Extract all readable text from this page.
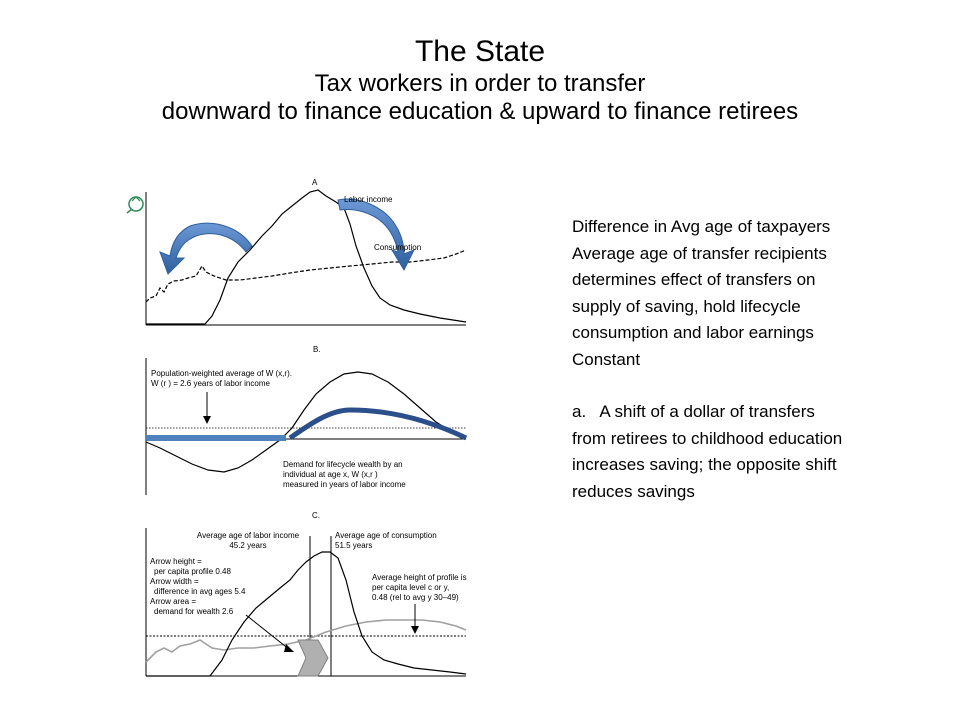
The State
Tax workers in order to transfer
downward to finance education & upward to finance retirees
A
Labor income
Consumption
B.
Population-weighted average of W (x,r).
W (r ) = 2.6 years of labor income
Demand for lifecycle wealth by an
individual at age x, W (x,r )
measured in years of labor income
C.
Average age of labor income
45.2 years
Average age of consumption
51.5 years
Arrow height =
per capita profile 0.48
Arrow width =
difference in avg ages 5.4
Arrow area =
demand for wealth 2.6
Average height of profile is
per capita level c or y,
0.48 (rel to avg y 30–49)

Difference in Avg age of taxpayers

Average age of transfer recipients

determines effect of transfers on

supply of saving, hold lifecycle

consumption and labor earnings

Constant

a. A shift of a dollar of transfers

from retirees to childhood education

increases saving; the opposite shift

reduces savings
